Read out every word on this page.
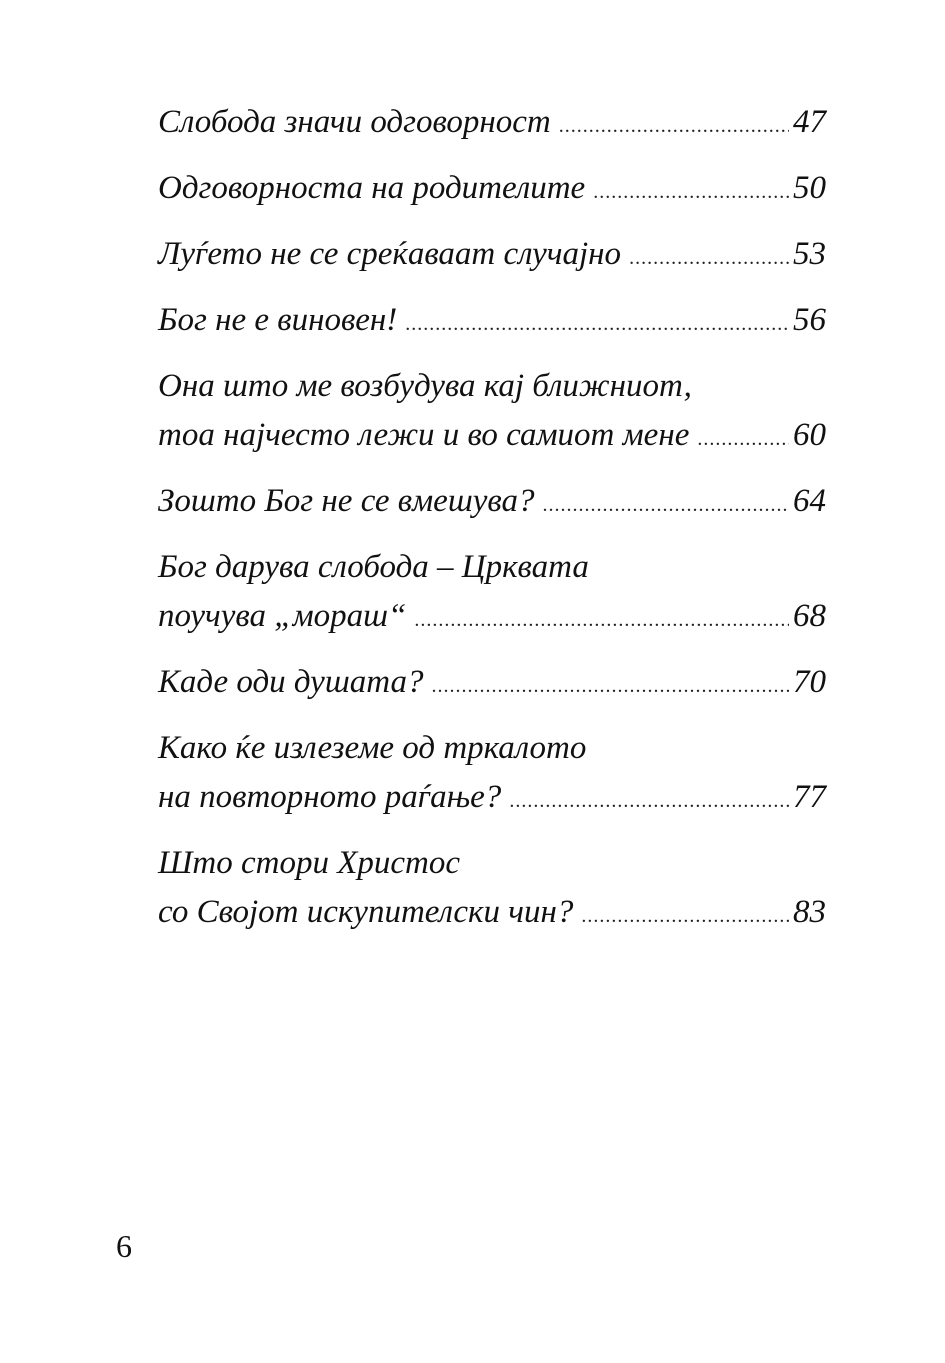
Слобода значи одговорност .....	47
Одговорноста на родителите .....	50
Луѓето не се среќаваат случајно .....	53
Бог не е виновен! .....	56
Она што ме возбудува кај ближниот,
тоа најчесто лежи и во самиот мене .....	60
Зошто Бог не се вмешува? .....	64
Бог дарува слобода – Црквата
поучува „мораш“ .....	68
Каде оди душата? .....	70
Како ќе излеземе од тркалото
на повторното раѓање? .....	77
Што стори Христос
со Својот искупителски чин? .....	83
6
